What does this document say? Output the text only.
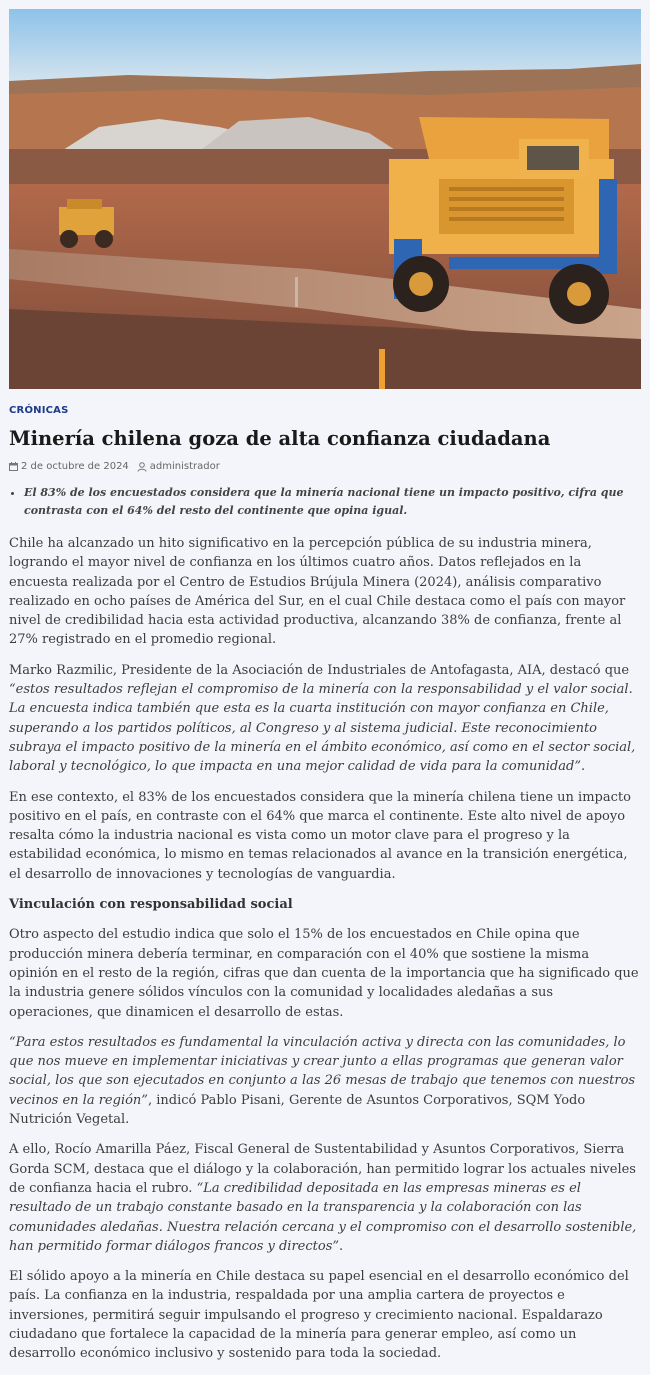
CRÓNICAS
Minería chilena goza de alta confianza ciudadana
2 de octubre de 2024 administrador
• El 83% de los encuestados considera que la minería nacional tiene un impacto positivo, cifra que contrasta con el 64% del resto del continente que opina igual.

Chile ha alcanzado un hito significativo en la percepción pública de su industria minera, logrando el mayor nivel de confianza en los últimos cuatro años. Datos reflejados en la encuesta realizada por el Centro de Estudios Brújula Minera (2024), análisis comparativo realizado en ocho países de América del Sur, en el cual Chile destaca como el país con mayor nivel de credibilidad hacia esta actividad productiva, alcanzando 38% de confianza, frente al 27% registrado en el promedio regional.

Marko Razmilic, Presidente de la Asociación de Industriales de Antofagasta, AIA, destacó que “estos resultados reflejan el compromiso de la minería con la responsabilidad y el valor social. La encuesta indica también que esta es la cuarta institución con mayor confianza en Chile, superando a los partidos políticos, al Congreso y al sistema judicial. Este reconocimiento subraya el impacto positivo de la minería en el ámbito económico, así como en el sector social, laboral y tecnológico, lo que impacta en una mejor calidad de vida para la comunidad”.

En ese contexto, el 83% de los encuestados considera que la minería chilena tiene un impacto positivo en el país, en contraste con el 64% que marca el continente. Este alto nivel de apoyo resalta cómo la industria nacional es vista como un motor clave para el progreso y la estabilidad económica, lo mismo en temas relacionados al avance en la transición energética, el desarrollo de innovaciones y tecnologías de vanguardia.

Vinculación con responsabilidad social

Otro aspecto del estudio indica que solo el 15% de los encuestados en Chile opina que producción minera debería terminar, en comparación con el 40% que sostiene la misma opinión en el resto de la región, cifras que dan cuenta de la importancia que ha significado que la industria genere sólidos vínculos con la comunidad y localidades aledañas a sus operaciones, que dinamicen el desarrollo de estas.

“Para estos resultados es fundamental la vinculación activa y directa con las comunidades, lo que nos mueve en implementar iniciativas y crear junto a ellas programas que generan valor social, los que son ejecutados en conjunto a las 26 mesas de trabajo que tenemos con nuestros vecinos en la región”, indicó Pablo Pisani, Gerente de Asuntos Corporativos, SQM Yodo Nutrición Vegetal.

A ello, Rocío Amarilla Páez, Fiscal General de Sustentabilidad y Asuntos Corporativos, Sierra Gorda SCM, destaca que el diálogo y la colaboración, han permitido lograr los actuales niveles de confianza hacia el rubro. “La credibilidad depositada en las empresas mineras es el resultado de un trabajo constante basado en la transparencia y la colaboración con las comunidades aledañas. Nuestra relación cercana y el compromiso con el desarrollo sostenible, han permitido formar diálogos francos y directos”.

El sólido apoyo a la minería en Chile destaca su papel esencial en el desarrollo económico del país. La confianza en la industria, respaldada por una amplia cartera de proyectos e inversiones, permitirá seguir impulsando el progreso y crecimiento nacional. Espaldarazo ciudadano que fortalece la capacidad de la minería para generar empleo, así como un desarrollo económico inclusivo y sostenido para toda la sociedad.
